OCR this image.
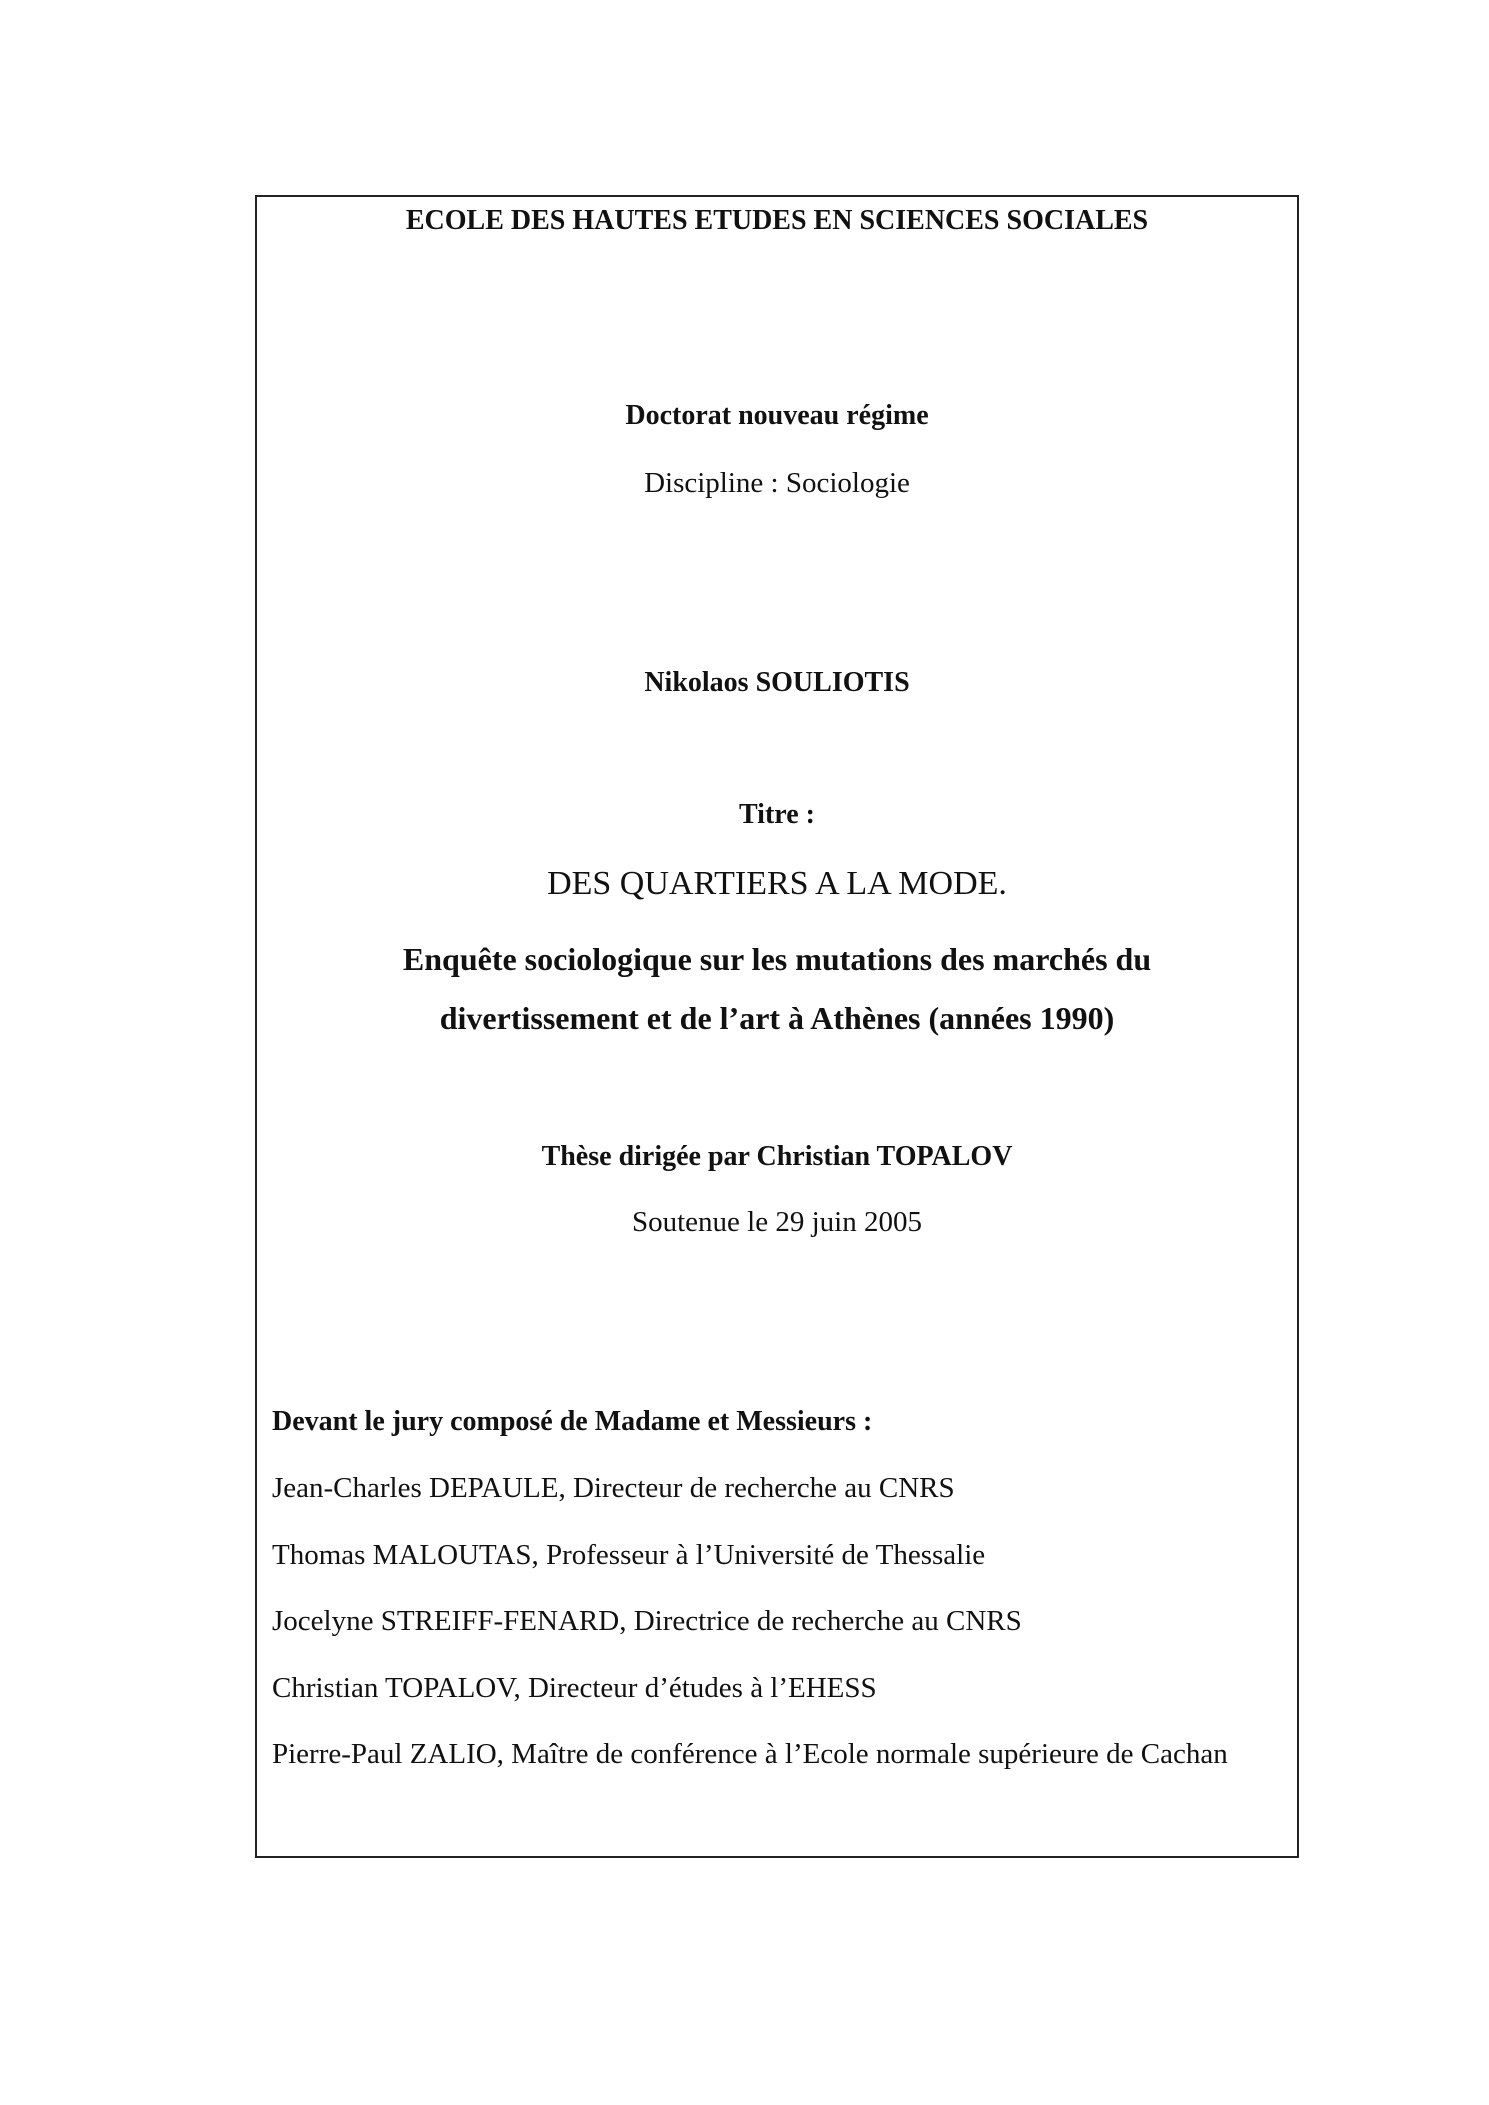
ECOLE DES HAUTES ETUDES EN SCIENCES SOCIALES
Doctorat nouveau régime
Discipline : Sociologie
Nikolaos SOULIOTIS
Titre :
DES QUARTIERS A LA MODE.
Enquête sociologique sur les mutations des marchés du
divertissement et de l’art à Athènes (années 1990)
Thèse dirigée par Christian TOPALOV
Soutenue le 29 juin 2005
Devant le jury composé de Madame et Messieurs :
Jean-Charles DEPAULE, Directeur de recherche au CNRS
Thomas MALOUTAS, Professeur à l’Université de Thessalie
Jocelyne STREIFF-FENARD, Directrice de recherche au CNRS
Christian TOPALOV, Directeur d’études à l’EHESS
Pierre-Paul ZALIO, Maître de conférence à l’Ecole normale supérieure de Cachan
